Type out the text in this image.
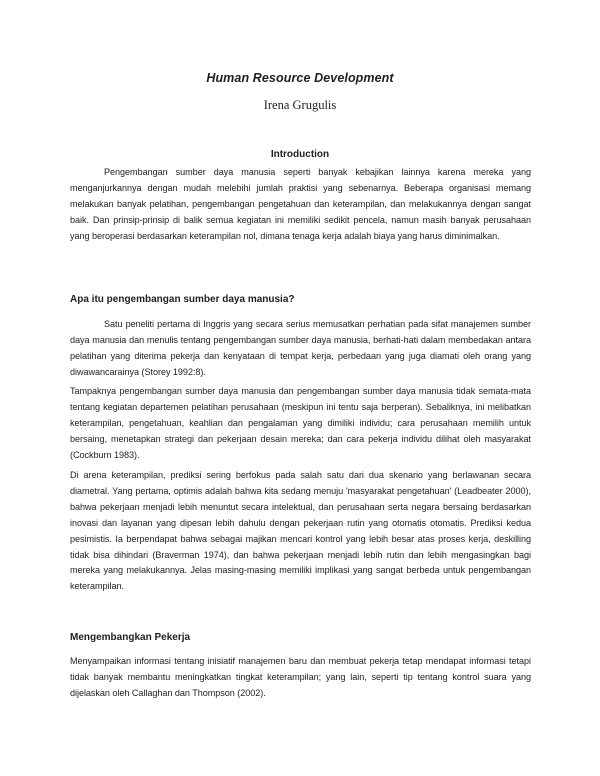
Human Resource Development
Irena Grugulis
Introduction

Pengembangan sumber daya manusia seperti banyak kebajikan lainnya karena mereka yang menganjurkannya dengan mudah melebihi jumlah praktisi yang sebenarnya. Beberapa organisasi memang melakukan banyak pelatihan, pengembangan pengetahuan dan keterampilan, dan melakukannya dengan sangat baik. Dan prinsip-prinsip di balik semua kegiatan ini memiliki sedikit pencela, namun masih banyak perusahaan yang beroperasi berdasarkan keterampilan nol, dimana tenaga kerja adalah biaya yang harus diminimalkan.

Apa itu pengembangan sumber daya manusia?

Satu peneliti pertama di Inggris yang secara serius memusatkan perhatian pada sifat manajemen sumber daya manusia dan menulis tentang pengembangan sumber daya manusia, berhati-hati dalam membedakan antara pelatihan yang diterima pekerja dan kenyataan di tempat kerja, perbedaan yang juga diamati oleh orang yang diwawancarainya (Storey 1992:8).

Tampaknya pengembangan sumber daya manusia dan pengembangan sumber daya manusia tidak semata-mata tentang kegiatan departemen pelatihan perusahaan (meskipun ini tentu saja berperan). Sebaliknya, ini melibatkan keterampilan, pengetahuan, keahlian dan pengalaman yang dimiliki individu; cara perusahaan memilih untuk bersaing, menetapkan strategi dan pekerjaan desain mereka; dan cara pekerja individu dilihat oleh masyarakat (Cockburn 1983).

Di arena keterampilan, prediksi sering berfokus pada salah satu dari dua skenario yang berlawanan secara diametral. Yang pertama, optimis adalah bahwa kita sedang menuju 'masyarakat pengetahuan' (Leadbeater 2000), bahwa pekerjaan menjadi lebih menuntut secara intelektual, dan perusahaan serta negara bersaing berdasarkan inovasi dan layanan yang dipesan lebih dahulu dengan pekerjaan rutin yang otomatis otomatis. Prediksi kedua pesimistis. Ia berpendapat bahwa sebagai majikan mencari kontrol yang lebih besar atas proses kerja, deskilling tidak bisa dihindari (Braverman 1974), dan bahwa pekerjaan menjadi lebih rutin dan lebih mengasingkan bagi mereka yang melakukannya. Jelas masing-masing memiliki implikasi yang sangat berbeda untuk pengembangan keterampilan.

Mengembangkan Pekerja

Menyampaikan informasi tentang inisiatif manajemen baru dan membuat pekerja tetap mendapat informasi tetapi tidak banyak membantu meningkatkan tingkat keterampilan; yang lain, seperti tip tentang kontrol suara yang dijelaskan oleh Callaghan dan Thompson (2002).
